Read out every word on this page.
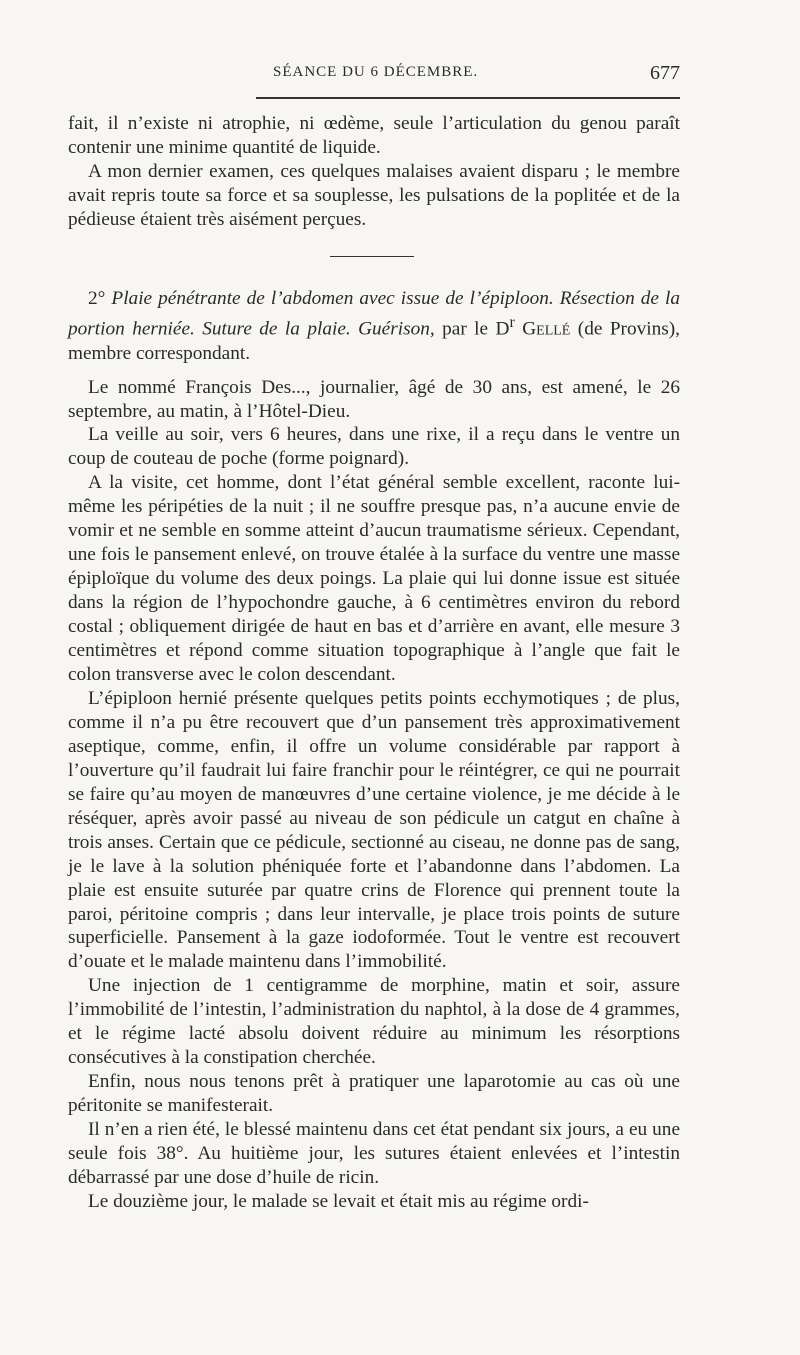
SÉANCE DU 6 DÉCEMBRE.	677

fait, il n’existe ni atrophie, ni œdème, seule l’articulation du genou paraît contenir une minime quantité de liquide.

A mon dernier examen, ces quelques malaises avaient disparu ; le membre avait repris toute sa force et sa souplesse, les pulsations de la poplitée et de la pédieuse étaient très aisément perçues.

2° Plaie pénétrante de l’abdomen avec issue de l’épiploon. Résection de la portion herniée. Suture de la plaie. Guérison, par le $D^r$ Gellé (de Provins), membre correspondant.

Le nommé François Des..., journalier, âgé de 30 ans, est amené, le 26 septembre, au matin, à l’Hôtel-Dieu.

La veille au soir, vers 6 heures, dans une rixe, il a reçu dans le ventre un coup de couteau de poche (forme poignard).

A la visite, cet homme, dont l’état général semble excellent, raconte lui-même les péripéties de la nuit ; il ne souffre presque pas, n’a aucune envie de vomir et ne semble en somme atteint d’aucun traumatisme sérieux. Cependant, une fois le pansement enlevé, on trouve étalée à la surface du ventre une masse épiploïque du volume des deux poings. La plaie qui lui donne issue est située dans la région de l’hypochondre gauche, à 6 centimètres environ du rebord costal ; obliquement dirigée de haut en bas et d’arrière en avant, elle mesure 3 centimètres et répond comme situation topographique à l’angle que fait le colon transverse avec le colon descendant.

L’épiploon hernié présente quelques petits points ecchymotiques ; de plus, comme il n’a pu être recouvert que d’un pansement très approximativement aseptique, comme, enfin, il offre un volume considérable par rapport à l’ouverture qu’il faudrait lui faire franchir pour le réintégrer, ce qui ne pourrait se faire qu’au moyen de manœuvres d’une certaine violence, je me décide à le réséquer, après avoir passé au niveau de son pédicule un catgut en chaîne à trois anses. Certain que ce pédicule, sectionné au ciseau, ne donne pas de sang, je le lave à la solution phéniquée forte et l’abandonne dans l’abdomen. La plaie est ensuite suturée par quatre crins de Florence qui prennent toute la paroi, péritoine compris ; dans leur intervalle, je place trois points de suture superficielle. Pansement à la gaze iodoformée. Tout le ventre est recouvert d’ouate et le malade maintenu dans l’immobilité.

Une injection de 1 centigramme de morphine, matin et soir, assure l’immobilité de l’intestin, l’administration du naphtol, à la dose de 4 grammes, et le régime lacté absolu doivent réduire au minimum les résorptions consécutives à la constipation cherchée.

Enfin, nous nous tenons prêt à pratiquer une laparotomie au cas où une péritonite se manifesterait.

Il n’en a rien été, le blessé maintenu dans cet état pendant six jours, a eu une seule fois 38°. Au huitième jour, les sutures étaient enlevées et l’intestin débarrassé par une dose d’huile de ricin.

Le douzième jour, le malade se levait et était mis au régime ordi-
